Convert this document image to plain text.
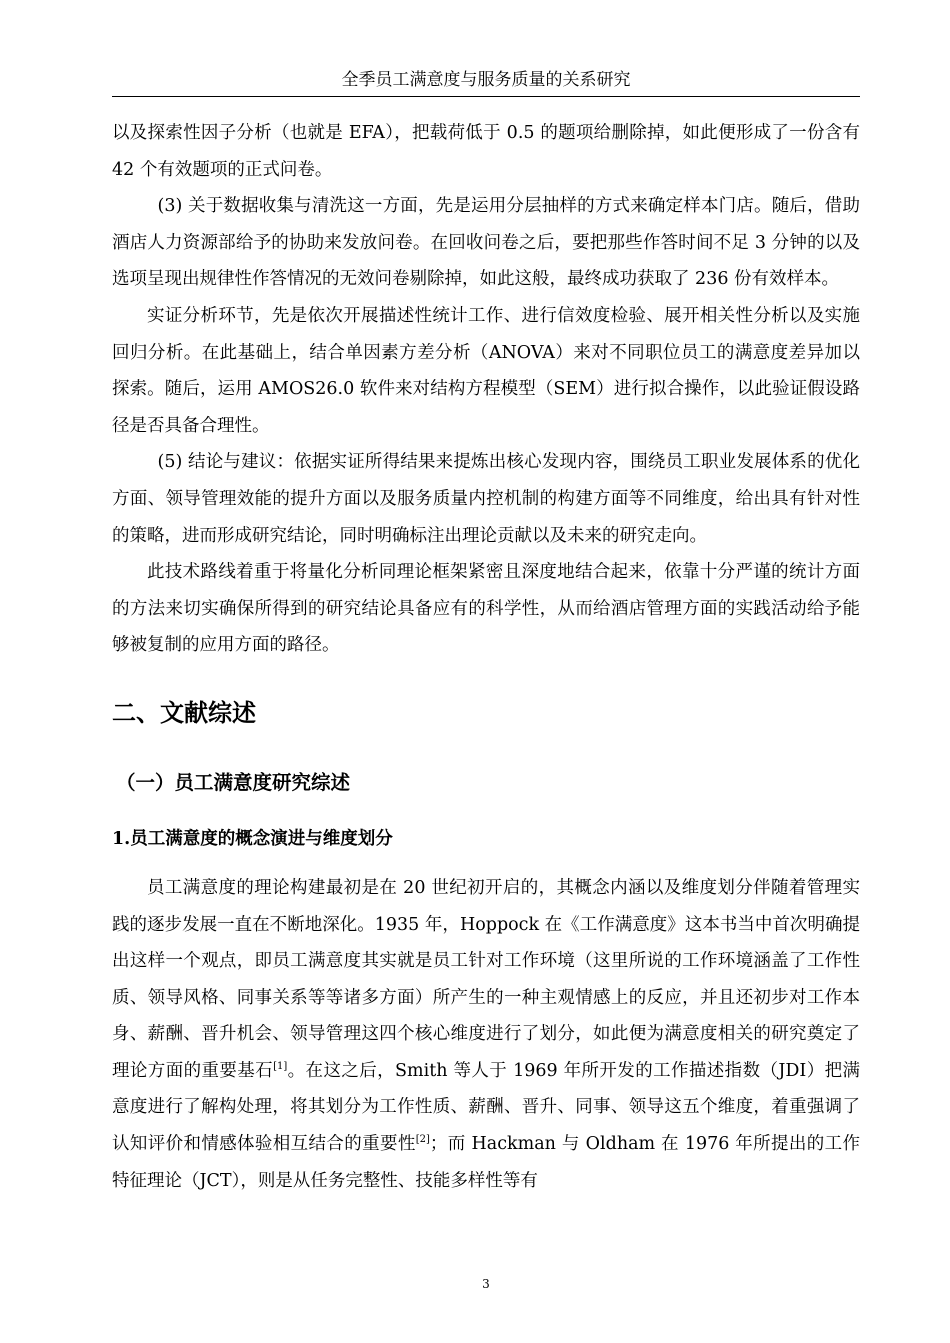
全季员工满意度与服务质量的关系研究

以及探索性因子分析（也就是 EFA），把载荷低于 0.5 的题项给删除掉，如此便形成了一份含有 42 个有效题项的正式问卷。

(3) 关于数据收集与清洗这一方面，先是运用分层抽样的方式来确定样本门店。随后，借助酒店人力资源部给予的协助来发放问卷。在回收问卷之后，要把那些作答时间不足 3 分钟的以及选项呈现出规律性作答情况的无效问卷剔除掉，如此这般，最终成功获取了 236 份有效样本。

实证分析环节，先是依次开展描述性统计工作、进行信效度检验、展开相关性分析以及实施回归分析。在此基础上，结合单因素方差分析（ANOVA）来对不同职位员工的满意度差异加以探索。随后，运用 AMOS26.0 软件来对结构方程模型（SEM）进行拟合操作，以此验证假设路径是否具备合理性。

(5) 结论与建议：依据实证所得结果来提炼出核心发现内容，围绕员工职业发展体系的优化方面、领导管理效能的提升方面以及服务质量内控机制的构建方面等不同维度，给出具有针对性的策略，进而形成研究结论，同时明确标注出理论贡献以及未来的研究走向。

此技术路线着重于将量化分析同理论框架紧密且深度地结合起来，依靠十分严谨的统计方面的方法来切实确保所得到的研究结论具备应有的科学性，从而给酒店管理方面的实践活动给予能够被复制的应用方面的路径。

二、文献综述
（一）员工满意度研究综述
1.员工满意度的概念演进与维度划分

员工满意度的理论构建最初是在 20 世纪初开启的，其概念内涵以及维度划分伴随着管理实践的逐步发展一直在不断地深化。1935 年，Hoppock 在《工作满意度》这本书当中首次明确提出这样一个观点，即员工满意度其实就是员工针对工作环境（这里所说的工作环境涵盖了工作性质、领导风格、同事关系等等诸多方面）所产生的一种主观情感上的反应，并且还初步对工作本身、薪酬、晋升机会、领导管理这四个核心维度进行了划分，如此便为满意度相关的研究奠定了理论方面的重要基石[1]。在这之后，Smith 等人于 1969 年所开发的工作描述指数（JDI）把满意度进行了解构处理，将其划分为工作性质、薪酬、晋升、同事、领导这五个维度，着重强调了认知评价和情感体验相互结合的重要性[2]；而 Hackman 与 Oldham 在 1976 年所提出的工作特征理论（JCT），则是从任务完整性、技能多样性等有

3
